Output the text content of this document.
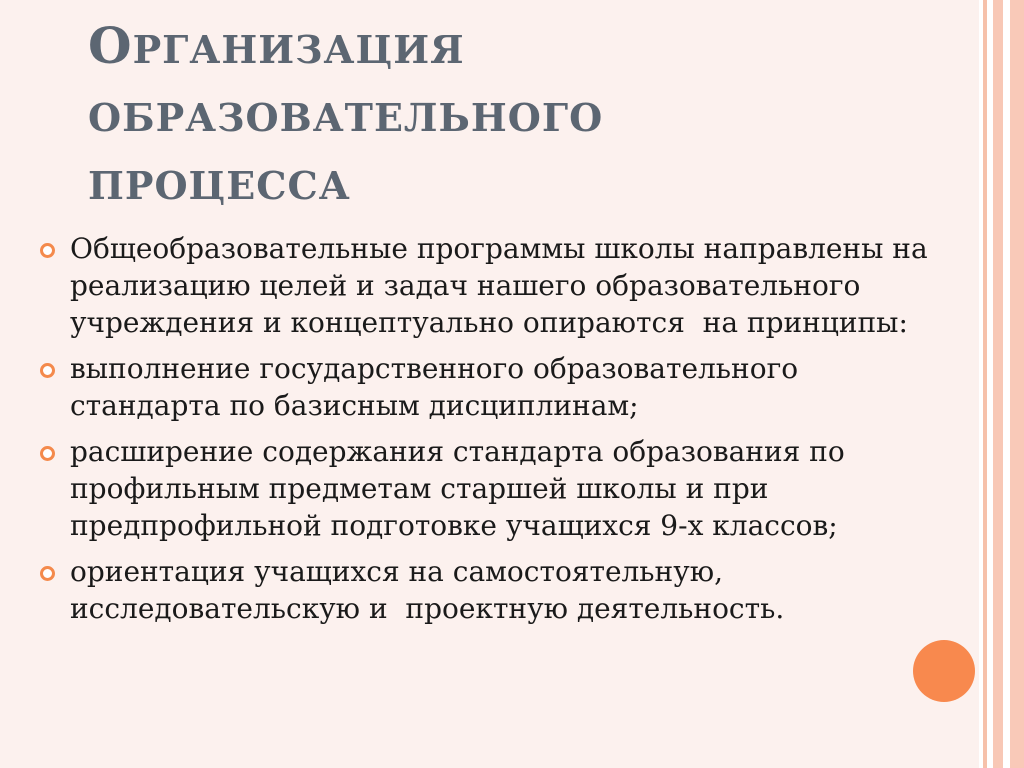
ОРГАНИЗАЦИЯ
ОБРАЗОВАТЕЛЬНОГО
ПРОЦЕССА
Общеобразовательные программы школы направлены на реализацию целей и задач нашего образовательного учреждения и концептуально опираются  на принципы:
выполнение государственного образовательного стандарта по базисным дисциплинам;
расширение содержания стандарта образования по профильным предметам старшей школы и при предпрофильной подготовке учащихся 9-х классов;
ориентация учащихся на самостоятельную, исследовательскую и  проектную деятельность.
